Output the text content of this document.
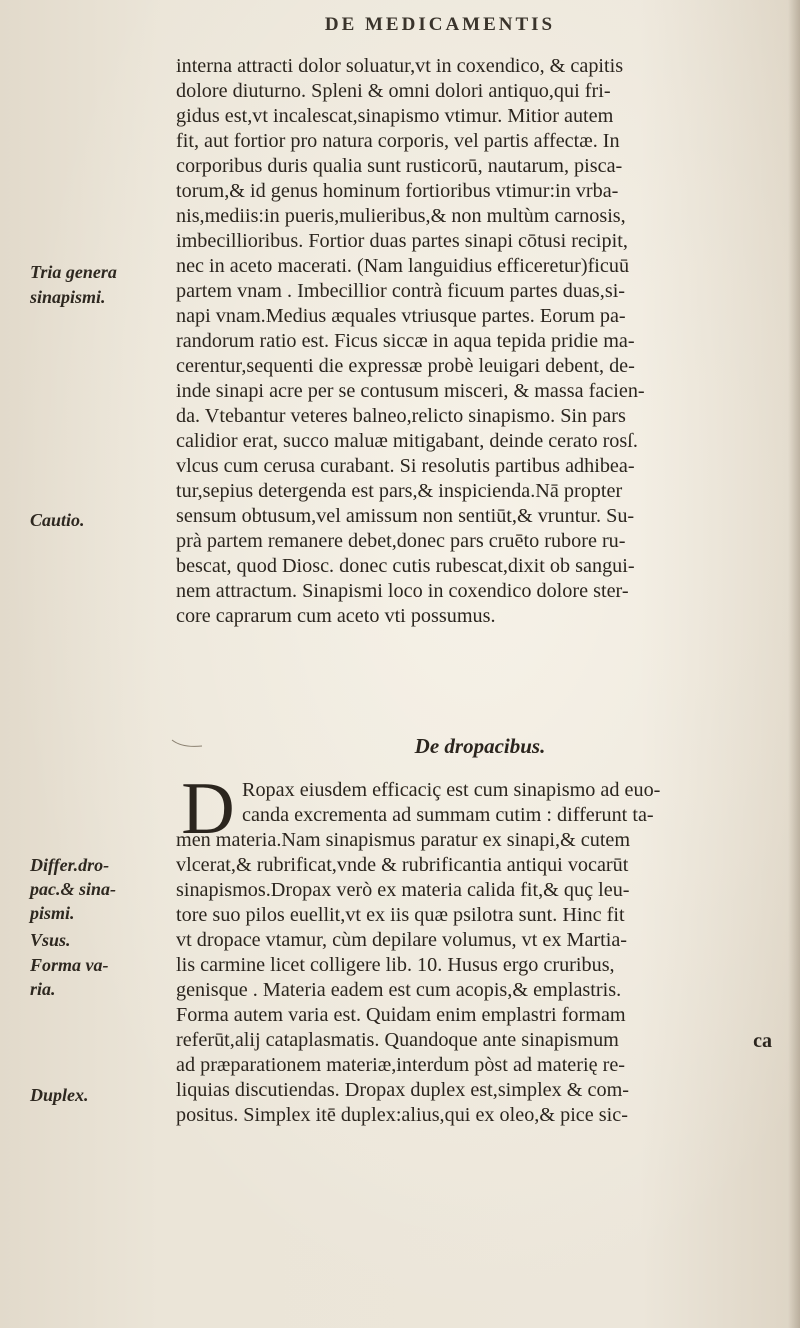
DE MEDICAMENTIS
interna attracti dolor soluatur,vt in coxendico, & capitis
dolore diuturno. Spleni & omni dolori antiquo,qui fri-
gidus est,vt incalescat,sinapismo vtimur. Mitior autem
fit, aut fortior pro natura corporis, vel partis affectæ. In
corporibus duris qualia sunt rusticorū, nautarum, pisca-
torum,& id genus hominum fortioribus vtimur:in vrba-
nis,mediis:in pueris,mulieribus,& non multùm carnosis,
imbecillioribus. Fortior duas partes sinapi cōtusi recipit,
nec in aceto macerati. (Nam languidius efficeretur)ficuū
partem vnam . Imbecillior contrà ficuum partes duas,si-
napi vnam.Medius æquales vtriusque partes. Eorum pa-
randorum ratio est. Ficus siccæ in aqua tepida pridie ma-
cerentur,sequenti die expressæ probè leuigari debent, de-
inde sinapi acre per se contusum misceri, & massa facien-
da. Vtebantur veteres balneo,relicto sinapismo. Sin pars
calidior erat, succo maluæ mitigabant, deinde cerato rosſ.
vlcus cum cerusa curabant. Si resolutis partibus adhibea-
tur,sepius detergenda est pars,& inspicienda.Nā propter
sensum obtusum,vel amissum non sentiūt,& vruntur. Su-
prà partem remanere debet,donec pars cruēto rubore ru-
bescat, quod Diosc. donec cutis rubescat,dixit ob sangui-
nem attractum. Sinapismi loco in coxendico dolore ster-
core caprarum cum aceto vti possumus.
Tria genera
sinapismi.
Cautio.
De dropacibus.
D Ropax eiusdem efficaciç est cum sinapismo ad euo-
canda excrementa ad summam cutim : differunt ta-
men materia.Nam sinapismus paratur ex sinapi,& cutem
vlcerat,& rubrificat,vnde & rubrificantia antiqui vocarūt
sinapismos.Dropax verò ex materia calida fit,& quç leu-
tore suo pilos euellit,vt ex iis quæ psilotra sunt. Hinc fit
vt dropace vtamur, cùm depilare volumus, vt ex Martia-
lis carmine licet colligere lib. 10. Husus ergo cruribus,
genisque . Materia eadem est cum acopis,& emplastris.
Forma autem varia est. Quidam enim emplastri formam
referūt,alij cataplasmatis. Quandoque ante sinapismum
ad præparationem materiæ,interdum pòst ad materię re-
liquias discutiendas. Dropax duplex est,simplex & com-
positus. Simplex itē duplex:alius,qui ex oleo,& pice sic-
Differ.dro-
pac.& sina-
pismi.
Vsus.
Forma va-
ria.
Duplex.
ca
